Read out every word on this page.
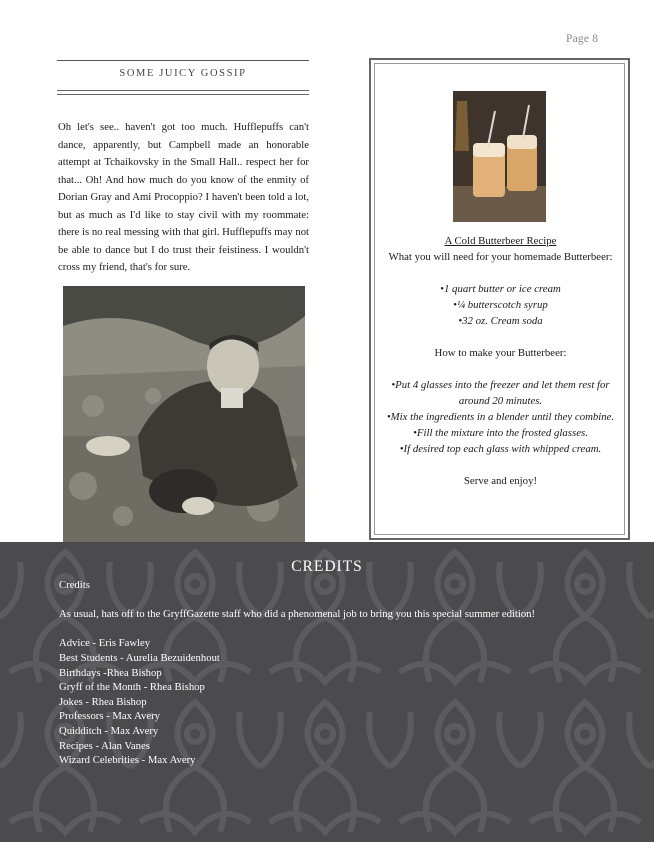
Page 8
SOME JUICY GOSSIP

Oh let's see.. haven't got too much. Hufflepuffs can't dance, apparently, but Campbell made an honorable attempt at Tchaikovsky in the Small Hall.. respect her for that... Oh! And how much do you know of the enmity of Dorian Gray and Ami Procoppio? I haven't been told a lot, but as much as I'd like to stay civil with my roommate: there is no real messing with that girl. Hufflepuffs may not be able to dance but I do trust their feistiness. I wouldn't cross my friend, that's for sure.

A Cold Butterbeer Recipe

What you will need for your homemade Butterbeer:

•1 quart butter or ice cream

•¼ butterscotch syrup

•32 oz. Cream soda

How to make your Butterbeer:

•Put 4 glasses into the freezer and let them rest for around 20 minutes.

•Mix the ingredients in a blender until they combine.

•Fill the mixture into the frosted glasses.

•If desired top each glass with whipped cream.

Serve and enjoy!

CREDITS

Credits

As usual, hats off to the GryffGazette staff who did a phenomenal job to bring you this special summer edition!

Advice - Eris Fawley

Best Students - Aurelia Bezuidenhout

Birthdays -Rhea Bishop

Gryff of the Month - Rhea Bishop

Jokes - Rhea Bishop

Professors - Max Avery

Quidditch - Max Avery

Recipes - Alan Vanes

Wizard Celebrities - Max Avery
